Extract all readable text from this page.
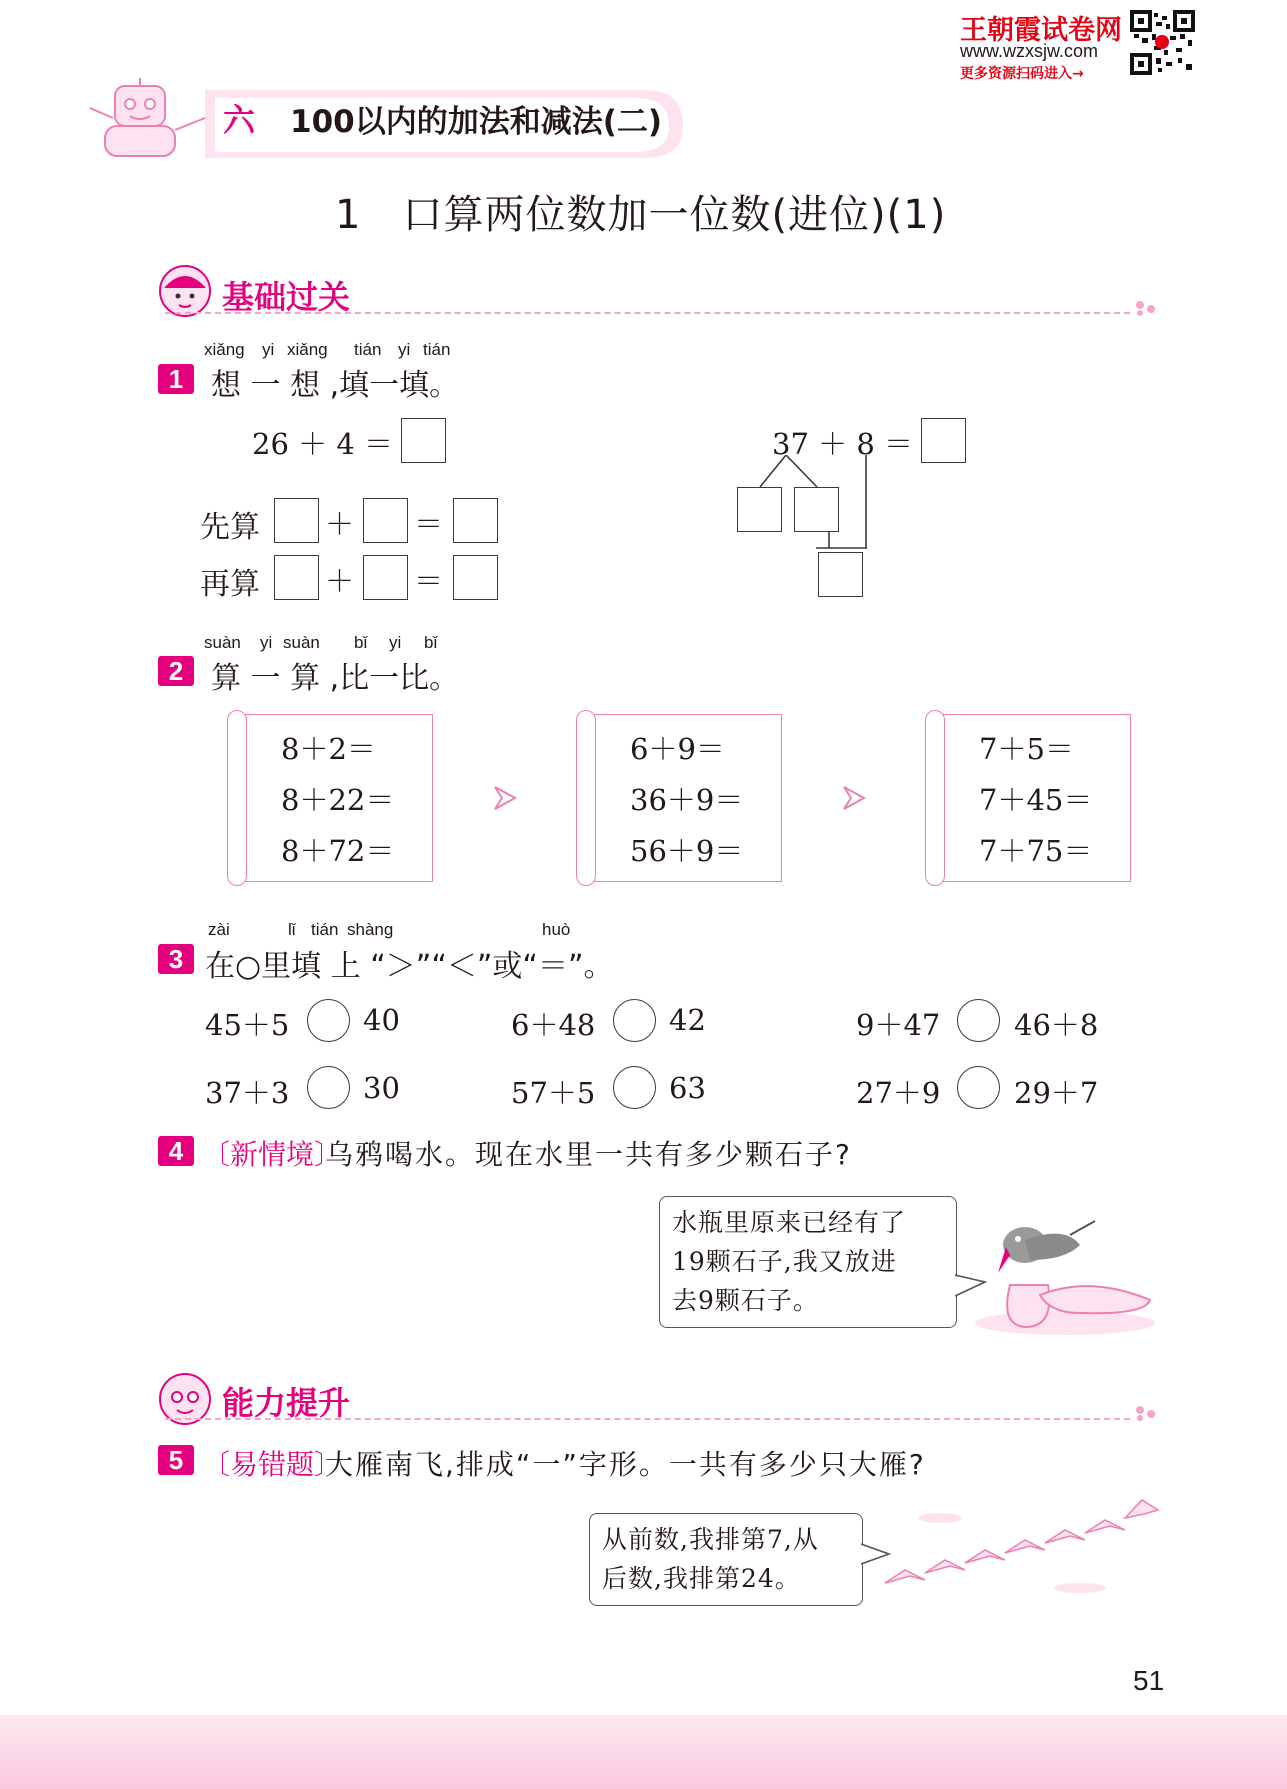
王朝霞试卷网
www.wzxsjw.com
更多资源扫码进入→
六 100以内的加法和减法(二)
1　口算两位数加一位数(进位)(1)
基础过关
1
xiǎng yi xiǎng tián yi tián
想 一 想 ,填一填。
26 ＋ 4 ＝
先算 ＋ ＝
再算 ＋ ＝
37 ＋ 8 ＝
2
suàn yi suàn bǐ yi bǐ
算 一 算 ,比一比。
8＋2＝
8＋22＝
8＋72＝
6＋9＝
36＋9＝
56＋9＝
7＋5＝
7＋45＝
7＋75＝
3
zài	lǐ tián shàng	huò
在○里填 上 “＞”“＜”或“＝”。
45＋5	40	6＋48	42	9＋47	46＋8
37＋3	30	57＋5	63	27＋9	29＋7
4 〔新情境〕
乌鸦喝水。现在水里一共有多少颗石子?
水瓶里原来已经有了
19颗石子,我又放进
去9颗石子。
能力提升
5 〔易错题〕
大雁南飞,排成“一”字形。一共有多少只大雁?
从前数,我排第7,从
后数,我排第24。
51
